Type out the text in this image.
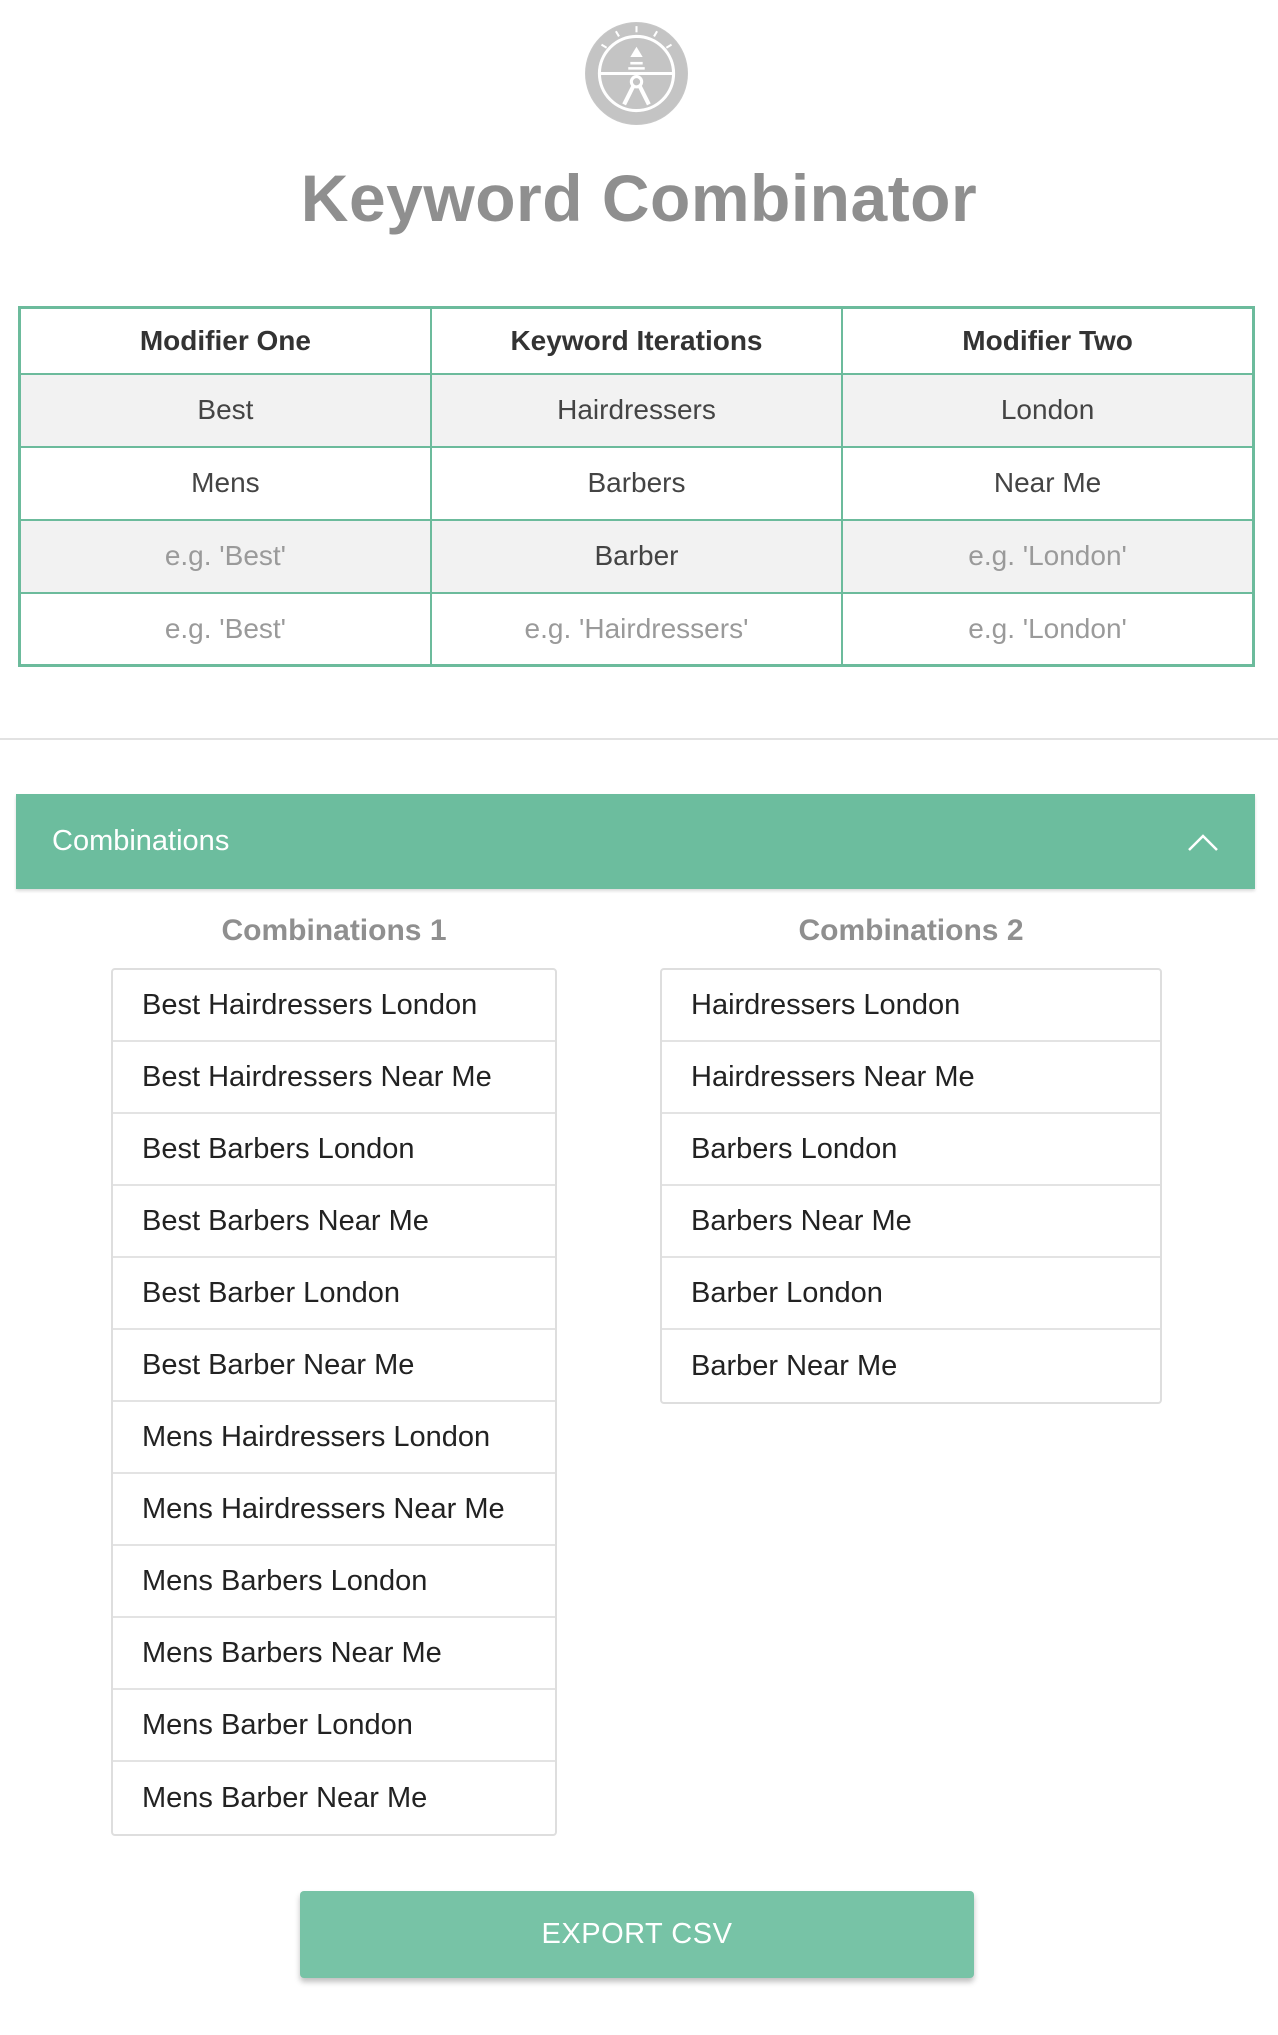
Keyword Combinator
Modifier One	Keyword Iterations	Modifier Two
Best	Hairdressers	London
Mens	Barbers	Near Me
e.g. 'Best'	Barber	e.g. 'London'
e.g. 'Best'	e.g. 'Hairdressers'	e.g. 'London'
Combinations
Combinations 1	Combinations 2
Best Hairdressers London
Best Hairdressers Near Me
Best Barbers London
Best Barbers Near Me
Best Barber London
Best Barber Near Me
Mens Hairdressers London
Mens Hairdressers Near Me
Mens Barbers London
Mens Barbers Near Me
Mens Barber London
Mens Barber Near Me
Hairdressers London
Hairdressers Near Me
Barbers London
Barbers Near Me
Barber London
Barber Near Me
EXPORT CSV
